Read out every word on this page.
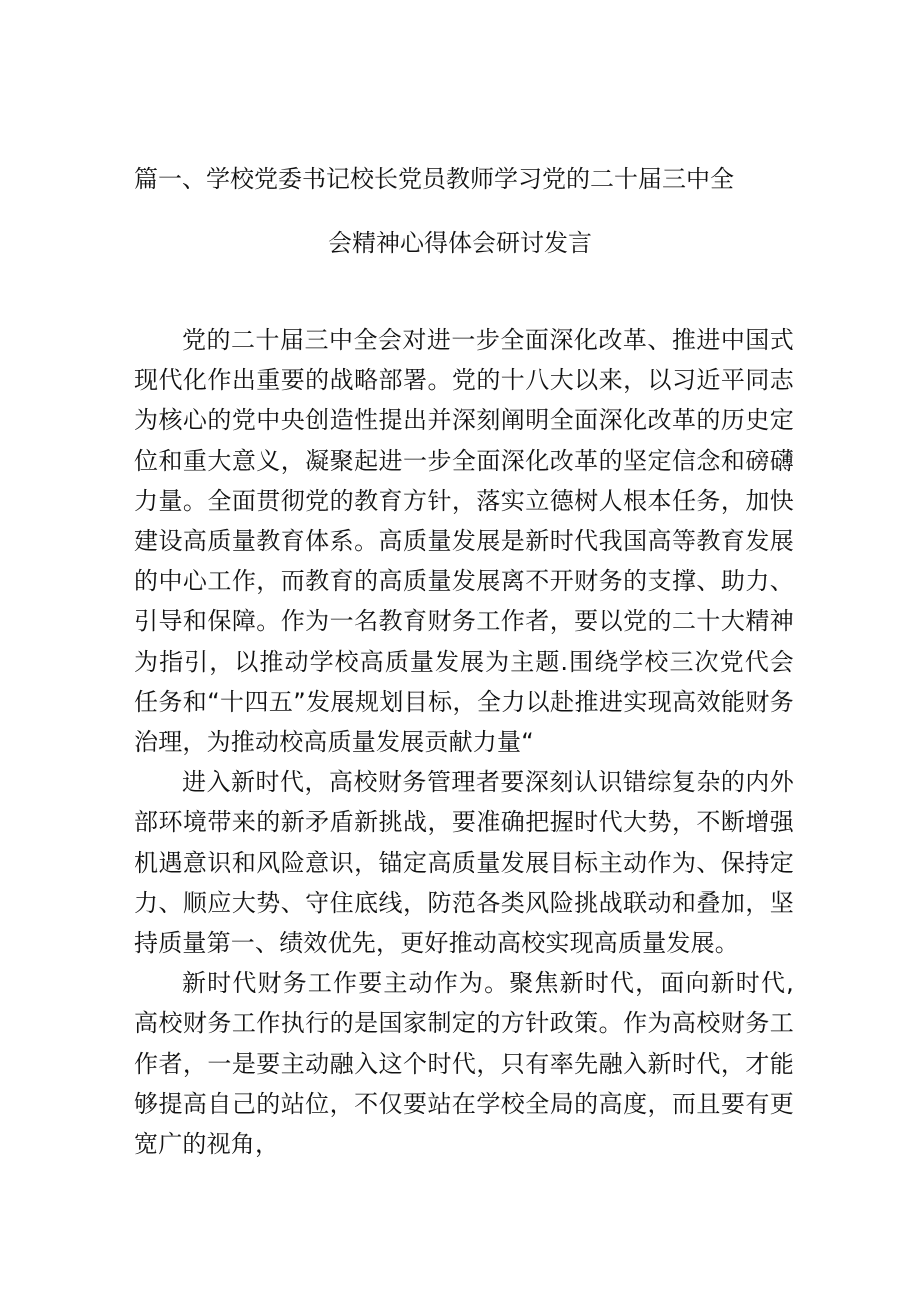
篇一、学校党委书记校长党员教师学习党的二十届三中全
会精神心得体会研讨发言

党的二十届三中全会对进一步全面深化改革、推进中国式现代化作出重要的战略部署。党的十八大以来，以习近平同志为核心的党中央创造性提出并深刻阐明全面深化改革的历史定位和重大意义，凝聚起进一步全面深化改革的坚定信念和磅礴力量。全面贯彻党的教育方针，落实立德树人根本任务，加快建设高质量教育体系。高质量发展是新时代我国高等教育发展的中心工作，而教育的高质量发展离不开财务的支撑、助力、引导和保障。作为一名教育财务工作者，要以党的二十大精神为指引，以推动学校高质量发展为主题.围绕学校三次党代会任务和“十四五”发展规划目标，全力以赴推进实现高效能财务治理，为推动校高质量发展贡献力量“

进入新时代，高校财务管理者要深刻认识错综复杂的内外部环境带来的新矛盾新挑战，要准确把握时代大势，不断增强机遇意识和风险意识，锚定高质量发展目标主动作为、保持定力、顺应大势、守住底线，防范各类风险挑战联动和叠加，坚持质量第一、绩效优先，更好推动高校实现高质量发展。

新时代财务工作要主动作为。聚焦新时代，面向新时代,高校财务工作执行的是国家制定的方针政策。作为高校财务工作者，一是要主动融入这个时代，只有率先融入新时代，才能够提高自己的站位，不仅要站在学校全局的高度，而且要有更宽广的视角，
